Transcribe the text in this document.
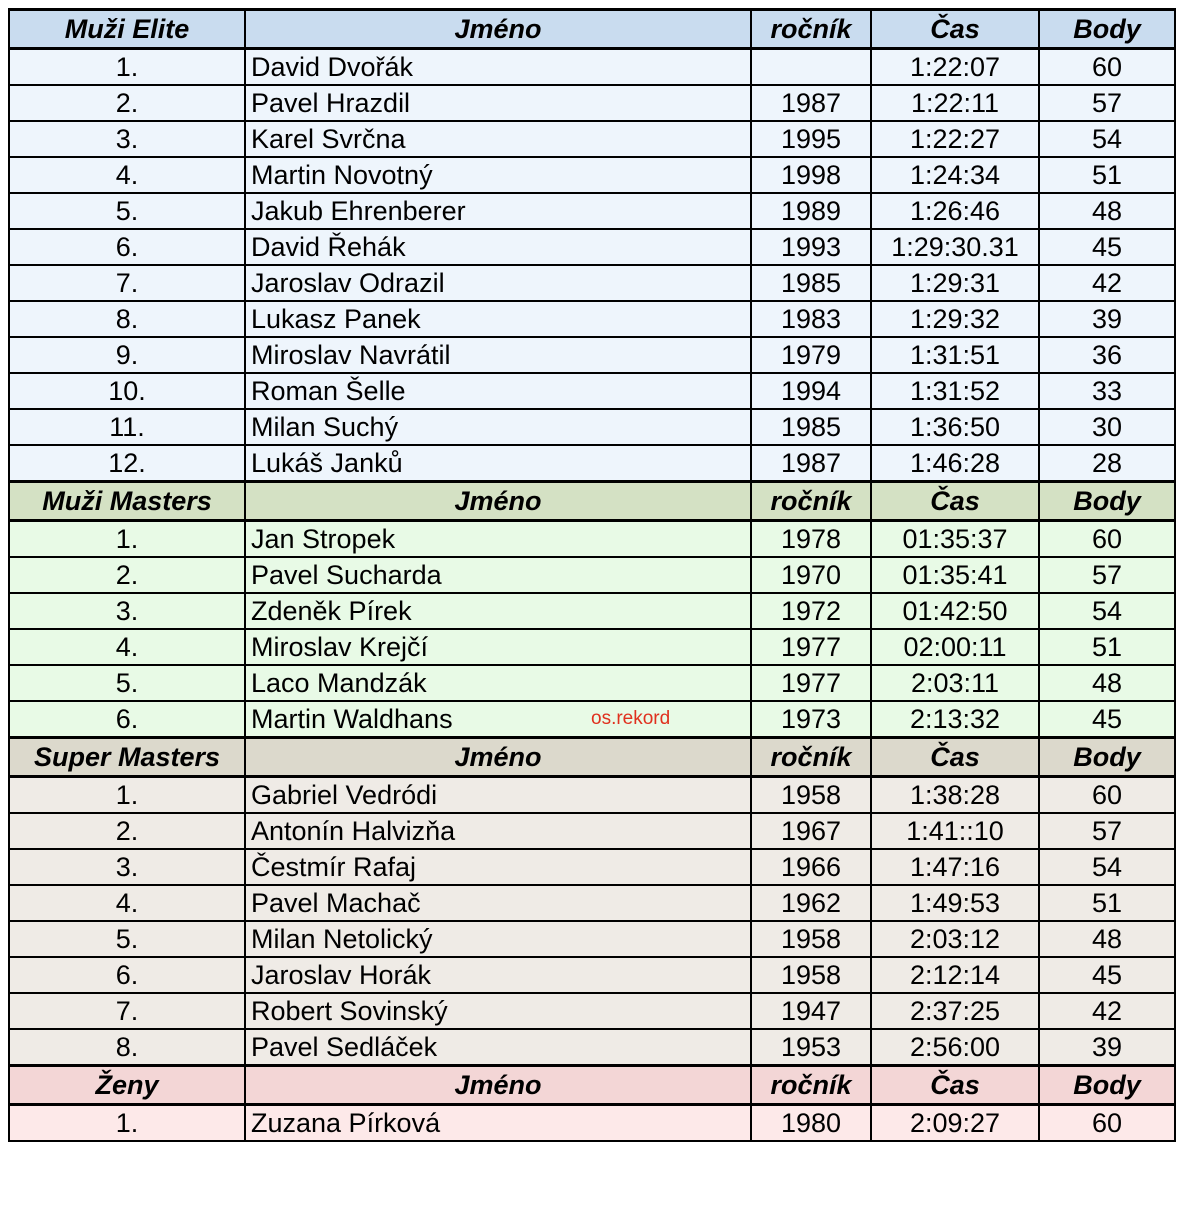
Muži Elite	Jméno	ročník	Čas	Body
1.	David Dvořák		1:22:07	60
2.	Pavel Hrazdil	1987	1:22:11	57
3.	Karel Svrčna	1995	1:22:27	54
4.	Martin Novotný	1998	1:24:34	51
5.	Jakub Ehrenberer	1989	1:26:46	48
6.	David Řehák	1993	1:29:30.31	45
7.	Jaroslav Odrazil	1985	1:29:31	42
8.	Lukasz Panek	1983	1:29:32	39
9.	Miroslav Navrátil	1979	1:31:51	36
10.	Roman Šelle	1994	1:31:52	33
11.	Milan Suchý	1985	1:36:50	30
12.	Lukáš Janků	1987	1:46:28	28
Muži Masters	Jméno	ročník	Čas	Body
1.	Jan Stropek	1978	01:35:37	60
2.	Pavel Sucharda	1970	01:35:41	57
3.	Zdeněk Pírek	1972	01:42:50	54
4.	Miroslav Krejčí	1977	02:00:11	51
5.	Laco Mandzák	1977	2:03:11	48
6.	Martin Waldhans os.rekord	1973	2:13:32	45
Super Masters	Jméno	ročník	Čas	Body
1.	Gabriel Vedródi	1958	1:38:28	60
2.	Antonín Halvizňa	1967	1:41::10	57
3.	Čestmír Rafaj	1966	1:47:16	54
4.	Pavel Machač	1962	1:49:53	51
5.	Milan Netolický	1958	2:03:12	48
6.	Jaroslav Horák	1958	2:12:14	45
7.	Robert Sovinský	1947	2:37:25	42
8.	Pavel Sedláček	1953	2:56:00	39
Ženy	Jméno	ročník	Čas	Body
1.	Zuzana Pírková	1980	2:09:27	60
